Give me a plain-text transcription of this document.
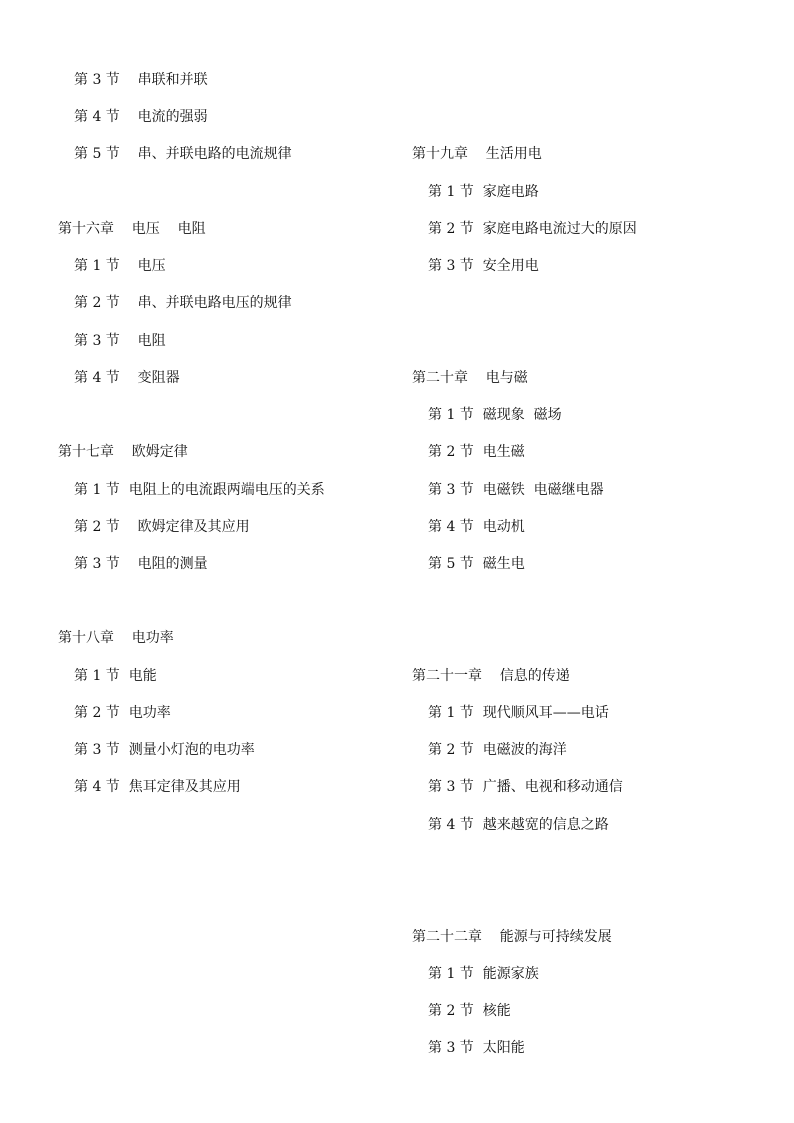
第 3 节    串联和并联

第 4 节    电流的强弱

第 5 节    串、并联电路的电流规律

第十六章    电压    电阻

第 1 节    电压

第 2 节    串、并联电路电压的规律

第 3 节    电阻

第 4 节    变阻器

第十七章    欧姆定律

第 1 节  电阻上的电流跟两端电压的关系

第 2 节    欧姆定律及其应用

第 3 节    电阻的测量

第十八章    电功率

第 1 节  电能

第 2 节  电功率

第 3 节  测量小灯泡的电功率

第 4 节  焦耳定律及其应用

第十九章    生活用电

第 1 节  家庭电路

第 2 节  家庭电路电流过大的原因

第 3 节  安全用电

第二十章    电与磁

第 1 节  磁现象  磁场

第 2 节  电生磁

第 3 节  电磁铁  电磁继电器

第 4 节  电动机

第 5 节  磁生电

第二十一章    信息的传递

第 1 节  现代顺风耳——电话

第 2 节  电磁波的海洋

第 3 节  广播、电视和移动通信

第 4 节  越来越宽的信息之路

第二十二章    能源与可持续发展

第 1 节  能源家族

第 2 节  核能

第 3 节  太阳能
